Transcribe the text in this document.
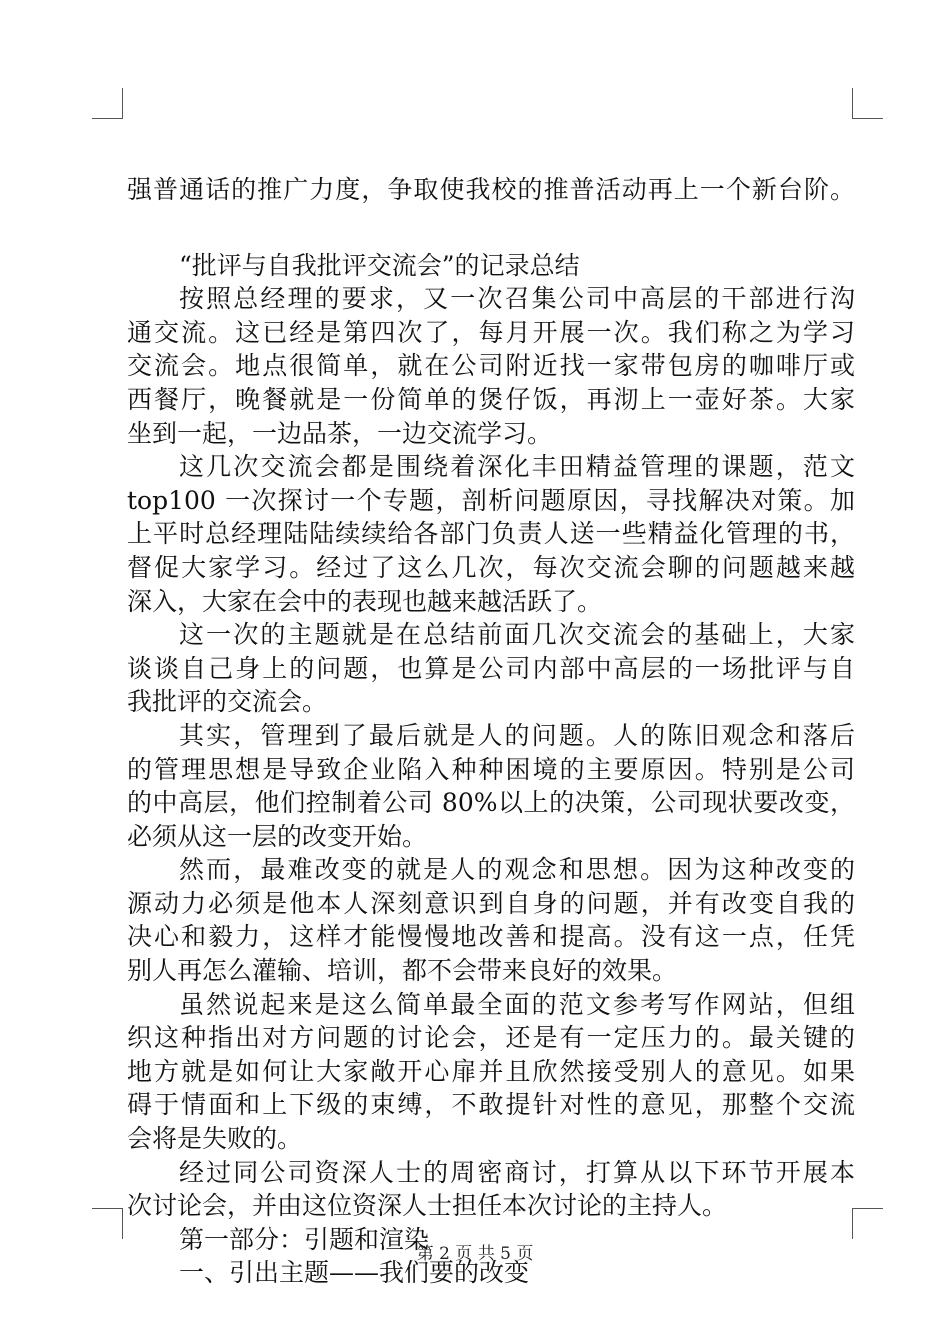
强普通话的推广力度，争取使我校的推普活动再上一个新台阶。
“批评与自我批评交流会”的记录总结
按照总经理的要求，又一次召集公司中高层的干部进行沟
通交流。这已经是第四次了，每月开展一次。我们称之为学习
交流会。地点很简单，就在公司附近找一家带包房的咖啡厅或
西餐厅，晚餐就是一份简单的煲仔饭，再沏上一壶好茶。大家
坐到一起，一边品茶，一边交流学习。
这几次交流会都是围绕着深化丰田精益管理的课题，范文
top100 一次探讨一个专题，剖析问题原因，寻找解决对策。加
上平时总经理陆陆续续给各部门负责人送一些精益化管理的书，
督促大家学习。经过了这么几次，每次交流会聊的问题越来越
深入，大家在会中的表现也越来越活跃了。
这一次的主题就是在总结前面几次交流会的基础上，大家
谈谈自己身上的问题，也算是公司内部中高层的一场批评与自
我批评的交流会。
其实，管理到了最后就是人的问题。人的陈旧观念和落后
的管理思想是导致企业陷入种种困境的主要原因。特别是公司
的中高层，他们控制着公司 80%以上的决策，公司现状要改变，
必须从这一层的改变开始。
然而，最难改变的就是人的观念和思想。因为这种改变的
源动力必须是他本人深刻意识到自身的问题，并有改变自我的
决心和毅力，这样才能慢慢地改善和提高。没有这一点，任凭
别人再怎么灌输、培训，都不会带来良好的效果。
虽然说起来是这么简单最全面的范文参考写作网站，但组
织这种指出对方问题的讨论会，还是有一定压力的。最关键的
地方就是如何让大家敞开心扉并且欣然接受别人的意见。如果
碍于情面和上下级的束缚，不敢提针对性的意见，那整个交流
会将是失败的。
经过同公司资深人士的周密商讨，打算从以下环节开展本
次讨论会，并由这位资深人士担任本次讨论的主持人。
第一部分：引题和渲染
一、引出主题——我们要的改变
第 2 页 共 5 页
